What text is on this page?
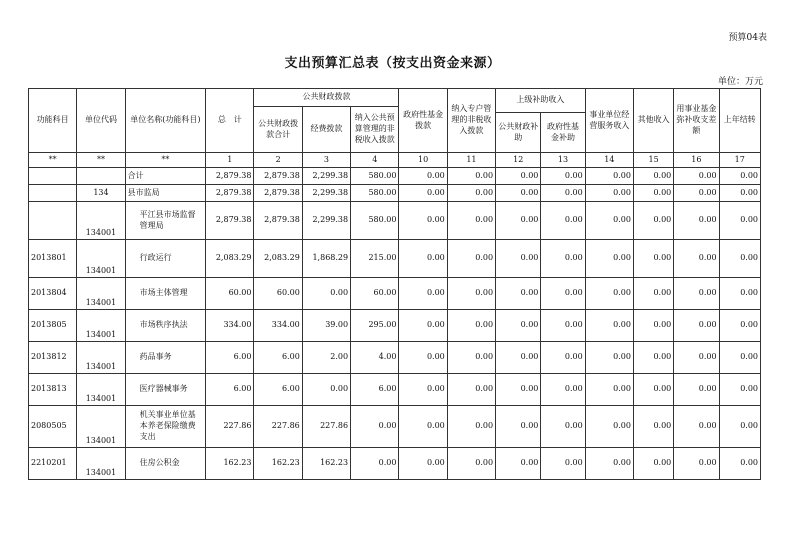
预算04表
支出预算汇总表（按支出资金来源）
单位：万元
功能科目	单位代码	单位名称(功能科目)	总　计	公共财政拨款			政府性基金拨款	纳入专户管理的非税收入拨款	上级补助收入		事业单位经营服务收入	其他收入	用事业基金弥补收支差额	上年结转
				公共财政拨款合计	经费拨款	纳入公共预算管理的非税收入拨款								
									公共财政补助	政府性基金补助				
**	**	**	1	2	3	4	10	11	12	13	14	15	16	17
		合计	2,879.38	2,879.38	2,299.38	580.00	0.00	0.00	0.00	0.00	0.00	0.00	0.00	0.00
	134	县市监局	2,879.38	2,879.38	2,299.38	580.00	0.00	0.00	0.00	0.00	0.00	0.00	0.00	0.00
	134001	平江县市场监督管理局	2,879.38	2,879.38	2,299.38	580.00	0.00	0.00	0.00	0.00	0.00	0.00	0.00	0.00
2013801	134001	行政运行	2,083.29	2,083.29	1,868.29	215.00	0.00	0.00	0.00	0.00	0.00	0.00	0.00	0.00
2013804	134001	市场主体管理	60.00	60.00	0.00	60.00	0.00	0.00	0.00	0.00	0.00	0.00	0.00	0.00
2013805	134001	市场秩序执法	334.00	334.00	39.00	295.00	0.00	0.00	0.00	0.00	0.00	0.00	0.00	0.00
2013812	134001	药品事务	6.00	6.00	2.00	4.00	0.00	0.00	0.00	0.00	0.00	0.00	0.00	0.00
2013813	134001	医疗器械事务	6.00	6.00	0.00	6.00	0.00	0.00	0.00	0.00	0.00	0.00	0.00	0.00
2080505	134001	机关事业单位基本养老保险缴费支出	227.86	227.86	227.86	0.00	0.00	0.00	0.00	0.00	0.00	0.00	0.00	0.00
2210201	134001	住房公积金	162.23	162.23	162.23	0.00	0.00	0.00	0.00	0.00	0.00	0.00	0.00	0.00
